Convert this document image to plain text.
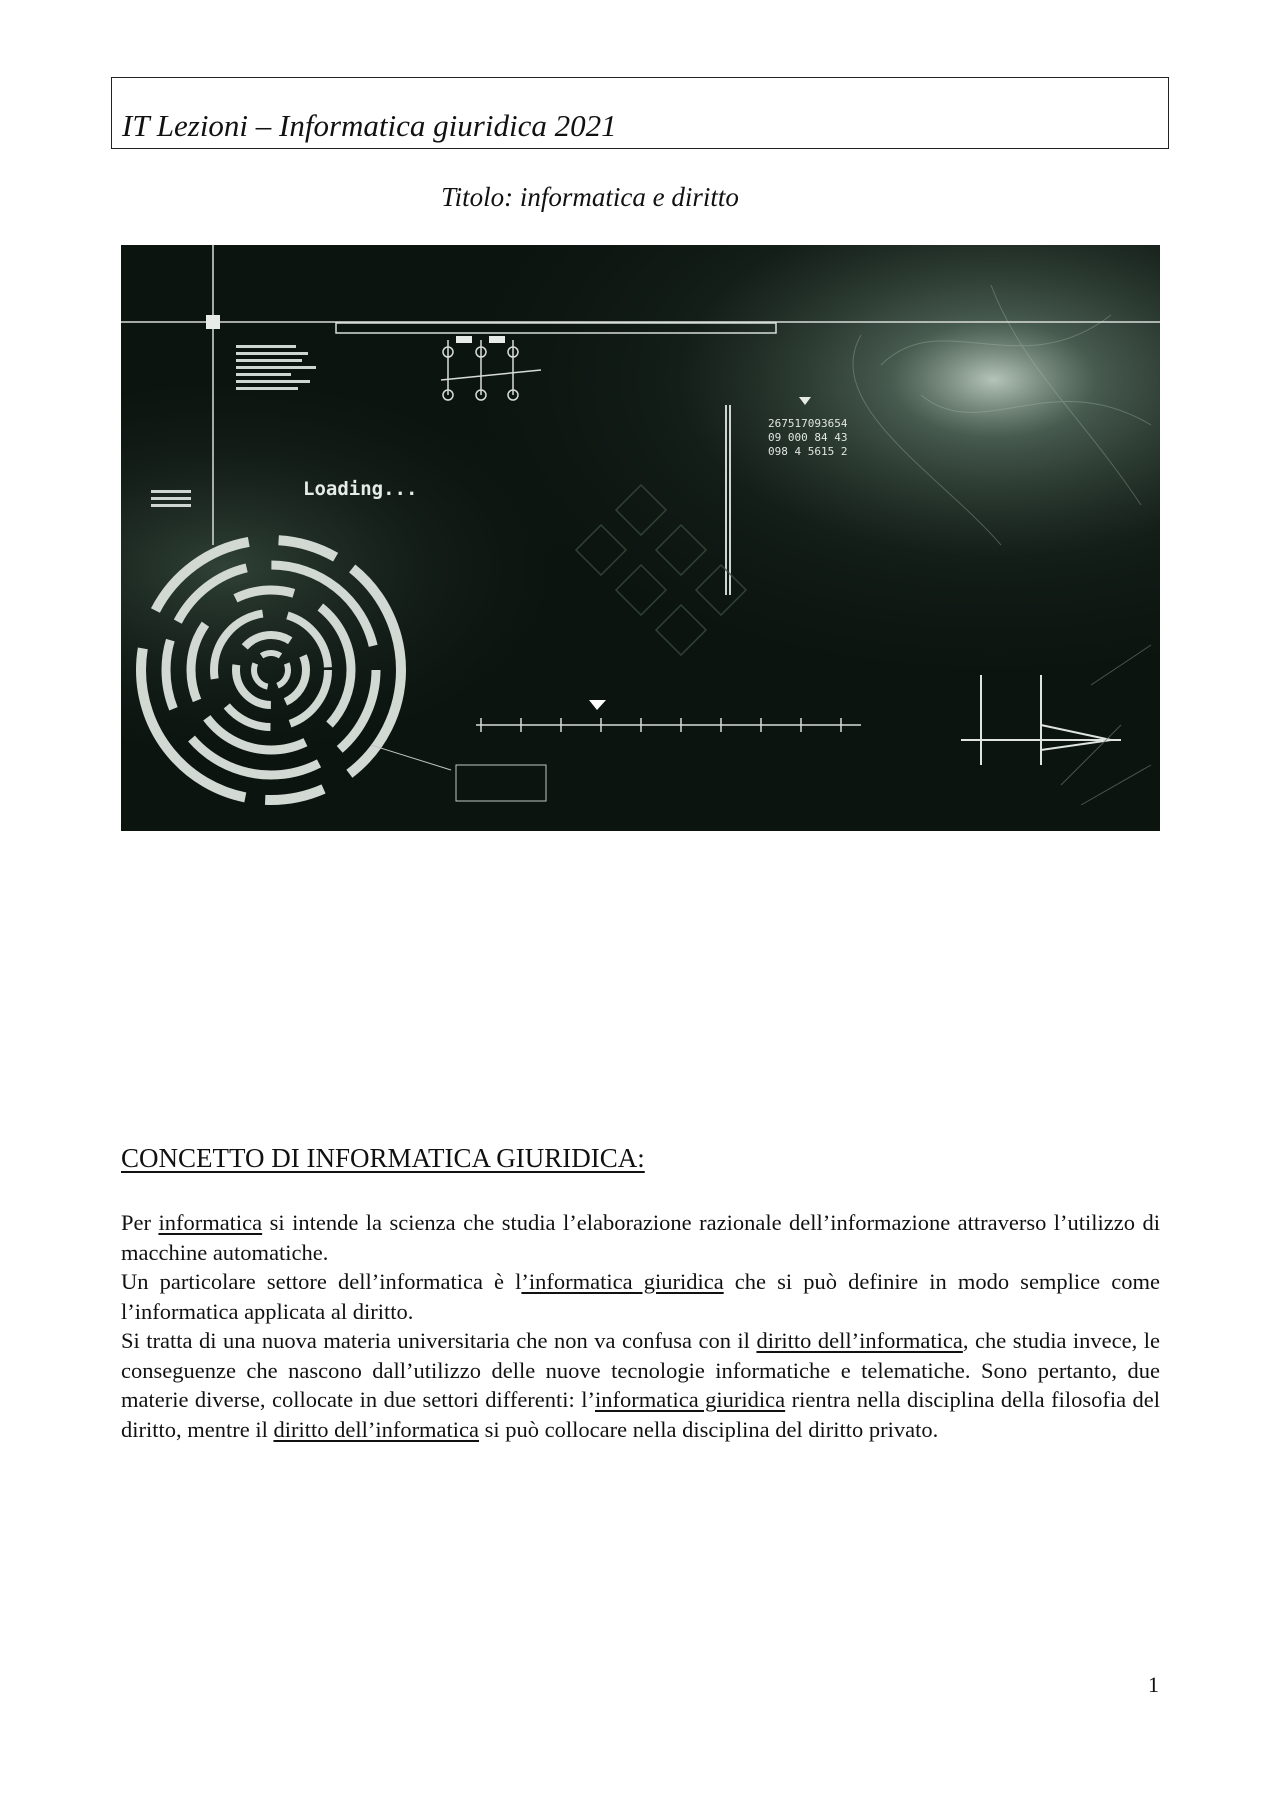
IT Lezioni – Informatica giuridica 2021
Titolo: informatica e diritto
Loading...
267517093654
09 000 84 43
098 4 5615 2
CONCETTO DI INFORMATICA GIURIDICA:

Per informatica si intende la scienza che studia l’elaborazione razionale dell’informazione attraverso l’utilizzo di macchine automatiche.

Un particolare settore dell’informatica è l’informatica giuridica che si può definire in modo semplice come l’informatica applicata al diritto.

Si tratta di una nuova materia universitaria che non va confusa con il diritto dell’informatica, che studia invece, le conseguenze che nascono dall’utilizzo delle nuove tecnologie informatiche e telematiche. Sono pertanto, due materie diverse, collocate in due settori differenti: l’informatica giuridica rientra nella disciplina della filosofia del diritto, mentre il diritto dell’informatica si può collocare nella disciplina del diritto privato.

1
